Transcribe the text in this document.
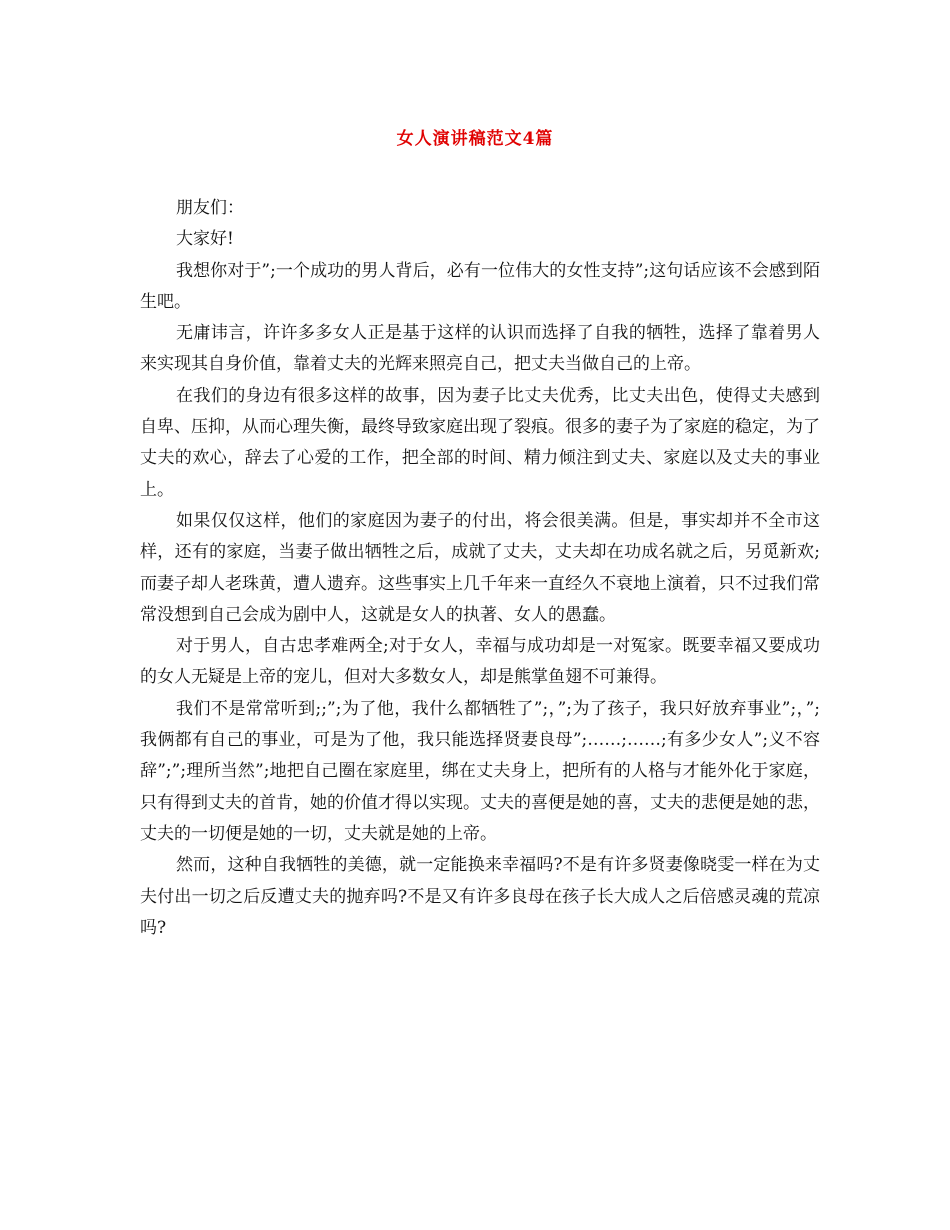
女人演讲稿范文4篇

朋友们：

大家好!

我想你对于”;一个成功的男人背后，必有一位伟大的女性支持”;这句话应该不会感到陌生吧。

无庸讳言，许许多多女人正是基于这样的认识而选择了自我的牺牲，选择了靠着男人来实现其自身价值，靠着丈夫的光辉来照亮自己，把丈夫当做自己的上帝。

在我们的身边有很多这样的故事，因为妻子比丈夫优秀，比丈夫出色，使得丈夫感到自卑、压抑，从而心理失衡，最终导致家庭出现了裂痕。很多的妻子为了家庭的稳定，为了丈夫的欢心，辞去了心爱的工作，把全部的时间、精力倾注到丈夫、家庭以及丈夫的事业上。

如果仅仅这样，他们的家庭因为妻子的付出，将会很美满。但是，事实却并不全市这样，还有的家庭，当妻子做出牺牲之后，成就了丈夫，丈夫却在功成名就之后，另觅新欢;而妻子却人老珠黄，遭人遗弃。这些事实上几千年来一直经久不衰地上演着，只不过我们常常没想到自己会成为剧中人，这就是女人的执著、女人的愚蠢。

对于男人，自古忠孝难两全;对于女人，幸福与成功却是一对冤家。既要幸福又要成功的女人无疑是上帝的宠儿，但对大多数女人，却是熊掌鱼翅不可兼得。

我们不是常常听到;;”;为了他，我什么都牺牲了”;，”;为了孩子，我只好放弃事业”;，”;我俩都有自己的事业，可是为了他，我只能选择贤妻良母”;……;……;有多少女人”;义不容辞”;”;理所当然”;地把自己圈在家庭里，绑在丈夫身上，把所有的人格与才能外化于家庭，只有得到丈夫的首肯，她的价值才得以实现。丈夫的喜便是她的喜，丈夫的悲便是她的悲，丈夫的一切便是她的一切，丈夫就是她的上帝。

然而，这种自我牺牲的美德，就一定能换来幸福吗?不是有许多贤妻像晓雯一样在为丈夫付出一切之后反遭丈夫的抛弃吗?不是又有许多良母在孩子长大成人之后倍感灵魂的荒凉吗?
